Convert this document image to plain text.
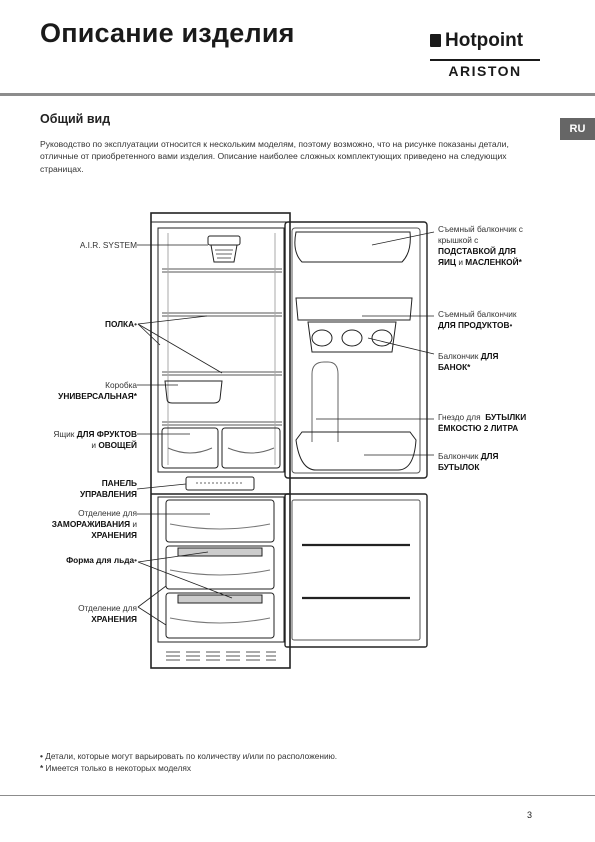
Описание изделия	Hotpoint
ARISTON
RU
Общий вид
Руководство по эксплуатации относится к нескольким моделям, поэтому возможно, что на рисунке показаны детали, отличные от приобретенного вами изделия. Описание наиболее сложных комплектующих приведено на следующих страницах.
A.I.R. SYSTEM
ПОЛКА•
Коробка
УНИВЕРСАЛЬНАЯ*
Ящик ДЛЯ ФРУКТОВ
и ОВОЩЕЙ
ПАНЕЛЬ
УПРАВЛЕНИЯ
Отделение для
ЗАМОРАЖИВАНИЯ и
ХРАНЕНИЯ
Форма для льда•
Отделение для
ХРАНЕНИЯ
Съемный балкончик с
крышкой с
ПОДСТАВКОЙ ДЛЯ
ЯИЦ и МАСЛЕНКОЙ*
Съемный балкончик
ДЛЯ ПРОДУКТОВ•
Балкончик ДЛЯ
БАНОК*
Гнездо для БУТЫЛКИ
ЁМКОСТЮ 2 ЛИТРА
Балкончик ДЛЯ
БУТЫЛОК
• Детали, которые могут варьировать по количеству и/или по расположению.
* Имеется только в некоторых моделях
3
